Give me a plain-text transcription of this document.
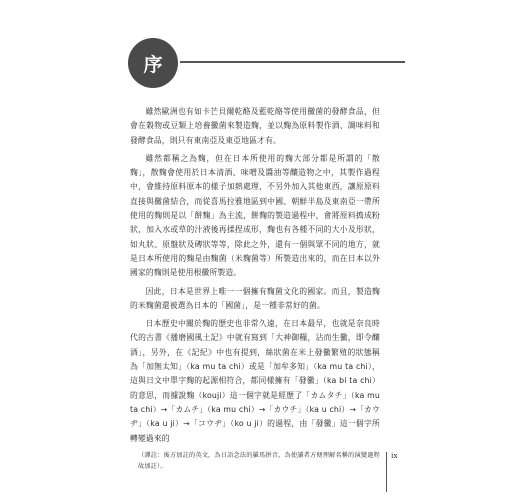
序

雖然歐洲也有如卡芒貝爾乾酪及藍乾酪等使用黴菌的發酵食品，但會在穀物或豆類上培養黴菌來製造麴，並以麴為原料製作酒、調味料和發酵食品，則只有東南亞及東亞地區才有。

雖然都稱之為麴，但在日本所使用的麴大部分都是所謂的「散麴」，散麴會使用於日本清酒、味噌及醬油等釀造物之中，其製作過程中，會維持原料原本的樣子加熱處理，不另外加入其他東西，讓原原料直接與黴菌結合，而從喜馬拉雅地區到中國、朝鮮半島及東南亞一帶所使用的麴則是以「餅麴」為主流，餅麴的製造過程中，會將原料搗成粉狀，加入水或草的汁液後再揉捏成形，麴也有各種不同的大小及形狀，如丸狀、原盤狀及磚狀等等，除此之外，還有一個與眾不同的地方，就是日本所使用的麴是由麴菌（米麴菌等）所製造出來的，而在日本以外國家的麴則是使用根黴所製造。

因此，日本是世界上唯一一個擁有麴菌文化的國家。而且，製造麴的米麴菌還被選為日本的「國菌」，是一種非常好的菌。

日本歷史中關於麴的歷史也非常久遠，在日本最早，也就是奈良時代的古書《播磨國風土記》中就有寫到「大神御糧，沾而生黴，即令釀酒」，另外，在《記紀》中也有提到，絲狀菌在米上發黴繁殖的狀態稱為「加無太知」（ka mu ta chi）或是「加牟多知」（ka mu ta chi），這與日文中單字麴的起源相符合，都同樣擁有「發黴」（ka bi ta chi）的意思，而據說麴（kouji）這一個字就是經歷了「カムタチ」（ka mu ta chi）→「カムチ」（ka mu chi）→「カウチ」（ka u chi）→「カウヂ」（ka u ji）→「コウヂ」（ko u ji）的過程，由「發黴」這一個字所轉變過來的

（譯註：後方加註的英文，為日語念法的羅馬拼音，為使讀者方便理解名稱的演變過程故加註）。

ix
